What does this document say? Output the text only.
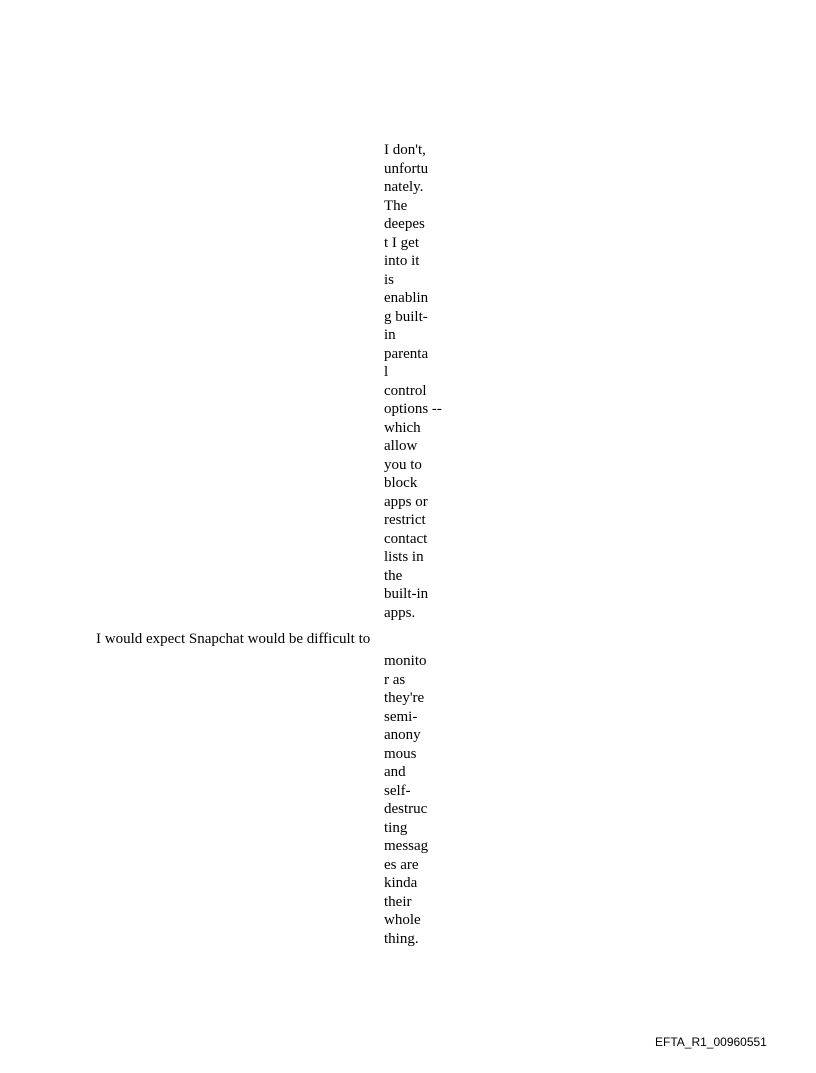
I don't,
unfortu
nately.
The
deepes
t I get
into it
is
enablin
g built-
in
parenta
l
control
options --
which
allow
you to
block
apps or
restrict
contact
lists in
the
built-in
apps.

I would expect Snapchat would be difficult to

monito
r as
they're
semi-
anony
mous
and
self-
destruc
ting
messag
es are
kinda
their
whole
thing.

EFTA_R1_00960551
